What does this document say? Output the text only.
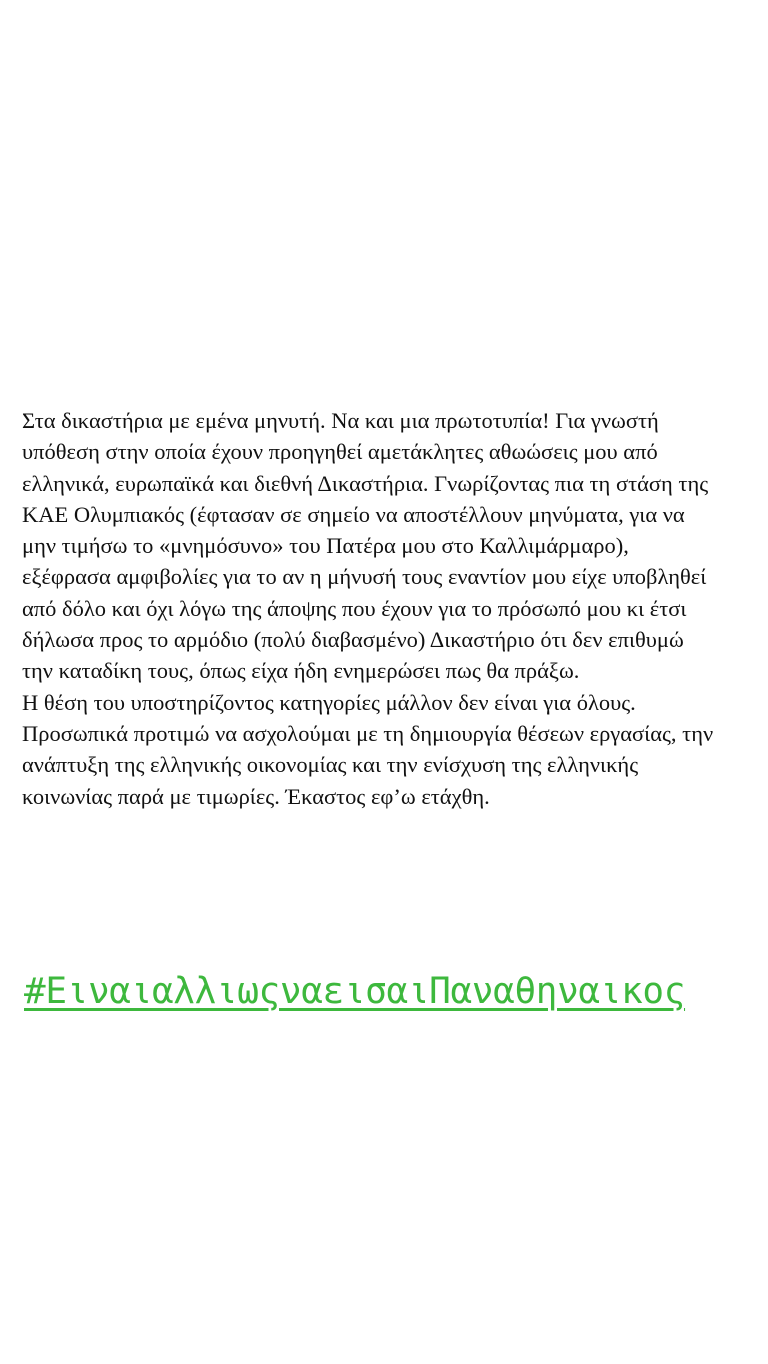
Στα δικαστήρια με εμένα μηνυτή. Να και μια πρωτοτυπία! Για γνωστή
υπόθεση στην οποία έχουν προηγηθεί αμετάκλητες αθωώσεις μου από
ελληνικά, ευρωπαϊκά και διεθνή Δικαστήρια. Γνωρίζοντας πια τη στάση της
ΚΑΕ Ολυμπιακός (έφτασαν σε σημείο να αποστέλλουν μηνύματα, για να
μην τιμήσω το «μνημόσυνο» του Πατέρα μου στο Καλλιμάρμαρο),
εξέφρασα αμφιβολίες για το αν η μήνυσή τους εναντίον μου είχε υποβληθεί
από δόλο και όχι λόγω της άποψης που έχουν για το πρόσωπό μου κι έτσι
δήλωσα προς το αρμόδιο (πολύ διαβασμένο) Δικαστήριο ότι δεν επιθυμώ
την καταδίκη τους, όπως είχα ήδη ενημερώσει πως θα πράξω.
Η θέση του υποστηρίζοντος κατηγορίες μάλλον δεν είναι για όλους.
Προσωπικά προτιμώ να ασχολούμαι με τη δημιουργία θέσεων εργασίας, την
ανάπτυξη της ελληνικής οικονομίας και την ενίσχυση της ελληνικής
κοινωνίας παρά με τιμωρίες. Έκαστος εφ’ω ετάχθη.

#ΕιναιαλλιωςναεισαιΠαναθηναικος
